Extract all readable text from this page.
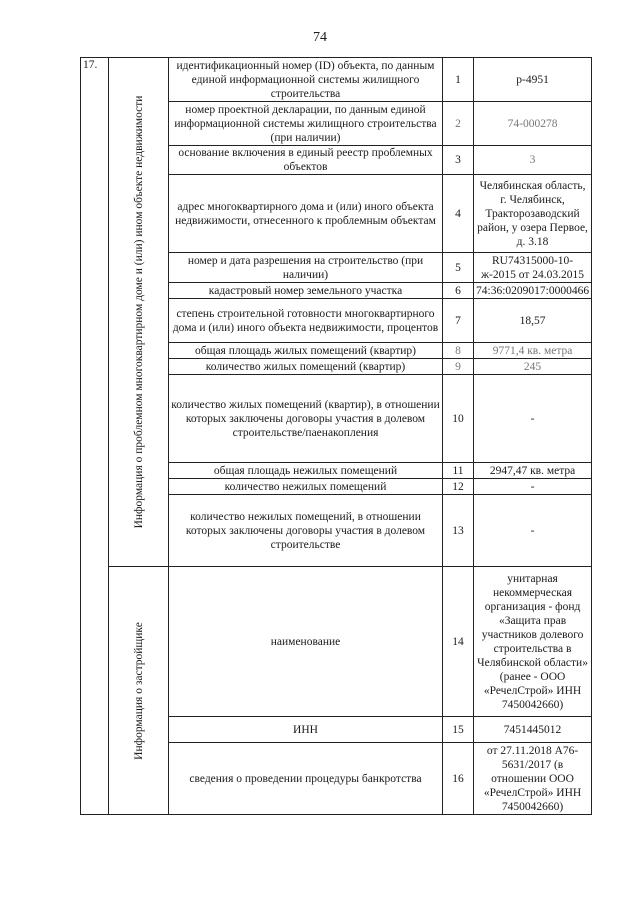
74
17.	Информация о проблемном многоквартирном доме и (или) ином объекте недвижимости	идентификационный номер (ID) объекта, по данным единой информационной системы жилищного строительства	1	р-4951
		номер проектной декларации, по данным единой информационной системы жилищного строительства (при наличии)	2	74-000278
		основание включения в единый реестр проблемных объектов	3	3
		адрес многоквартирного дома и (или) иного объекта недвижимости, отнесенного к проблемным объектам	4	Челябинская область, г. Челябинск, Тракторозаводский район, у озера Первое, д. 3.18
		номер и дата разрешения на строительство (при наличии)	5	RU74315000-10-ж-2015 от 24.03.2015
		кадастровый номер земельного участка	6	74:36:0209017:0000466
		степень строительной готовности многоквартирного дома и (или) иного объекта недвижимости, процентов	7	18,57
		общая площадь жилых помещений (квартир)	8	9771,4 кв. метра
		количество жилых помещений (квартир)	9	245
		количество жилых помещений (квартир), в отношении которых заключены договоры участия в долевом строительстве/паенакопления	10	-
		общая площадь нежилых помещений	11	2947,47 кв. метра
		количество нежилых помещений	12	-
		количество нежилых помещений, в отношении которых заключены договоры участия в долевом строительстве	13	-

	Информация о застройщике	наименование	14	унитарная некоммерческая организация - фонд «Защита прав участников долевого строительства в Челябинской области» (ранее - ООО «РечелСтрой» ИНН 7450042660)
		ИНН	15	7451445012
		сведения о проведении процедуры банкротства	16	от 27.11.2018 А76-5631/2017 (в отношении ООО «РечелСтрой» ИНН 7450042660)
